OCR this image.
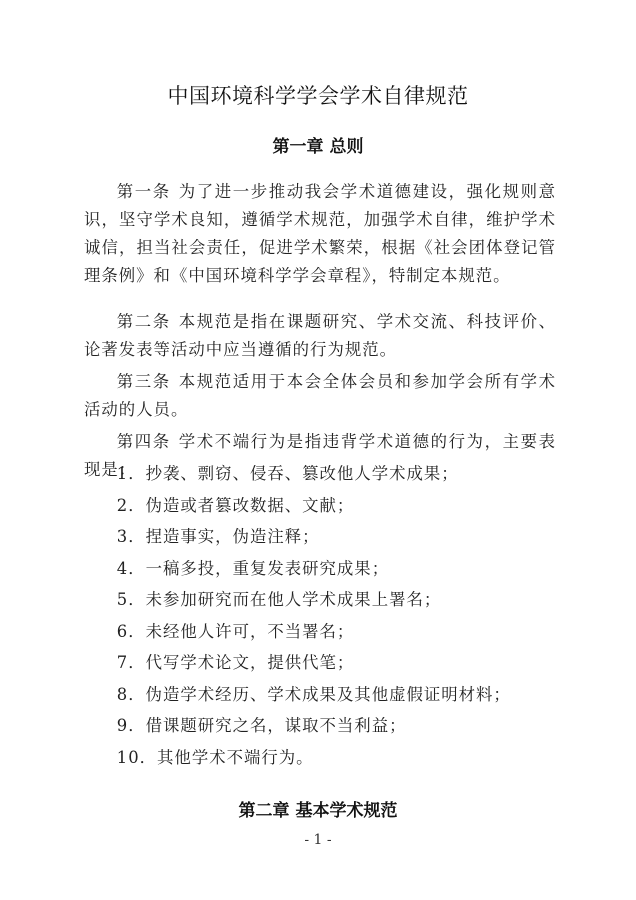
中国环境科学学会学术自律规范
第一章 总则

第一条 为了进一步推动我会学术道德建设，强化规则意识，坚守学术良知，遵循学术规范，加强学术自律，维护学术诚信，担当社会责任，促进学术繁荣，根据《社会团体登记管理条例》和《中国环境科学学会章程》，特制定本规范。

第二条 本规范是指在课题研究、学术交流、科技评价、论著发表等活动中应当遵循的行为规范。

第三条 本规范适用于本会全体会员和参加学会所有学术活动的人员。

第四条 学术不端行为是指违背学术道德的行为，主要表现是：

1．抄袭、剽窃、侵吞、篡改他人学术成果；

2．伪造或者篡改数据、文献；

3．捏造事实，伪造注释；

4．一稿多投，重复发表研究成果；

5．未参加研究而在他人学术成果上署名；

6．未经他人许可，不当署名；

7．代写学术论文，提供代笔；

8．伪造学术经历、学术成果及其他虚假证明材料；

9．借课题研究之名，谋取不当利益；

10．其他学术不端行为。

第二章 基本学术规范
- 1 -
